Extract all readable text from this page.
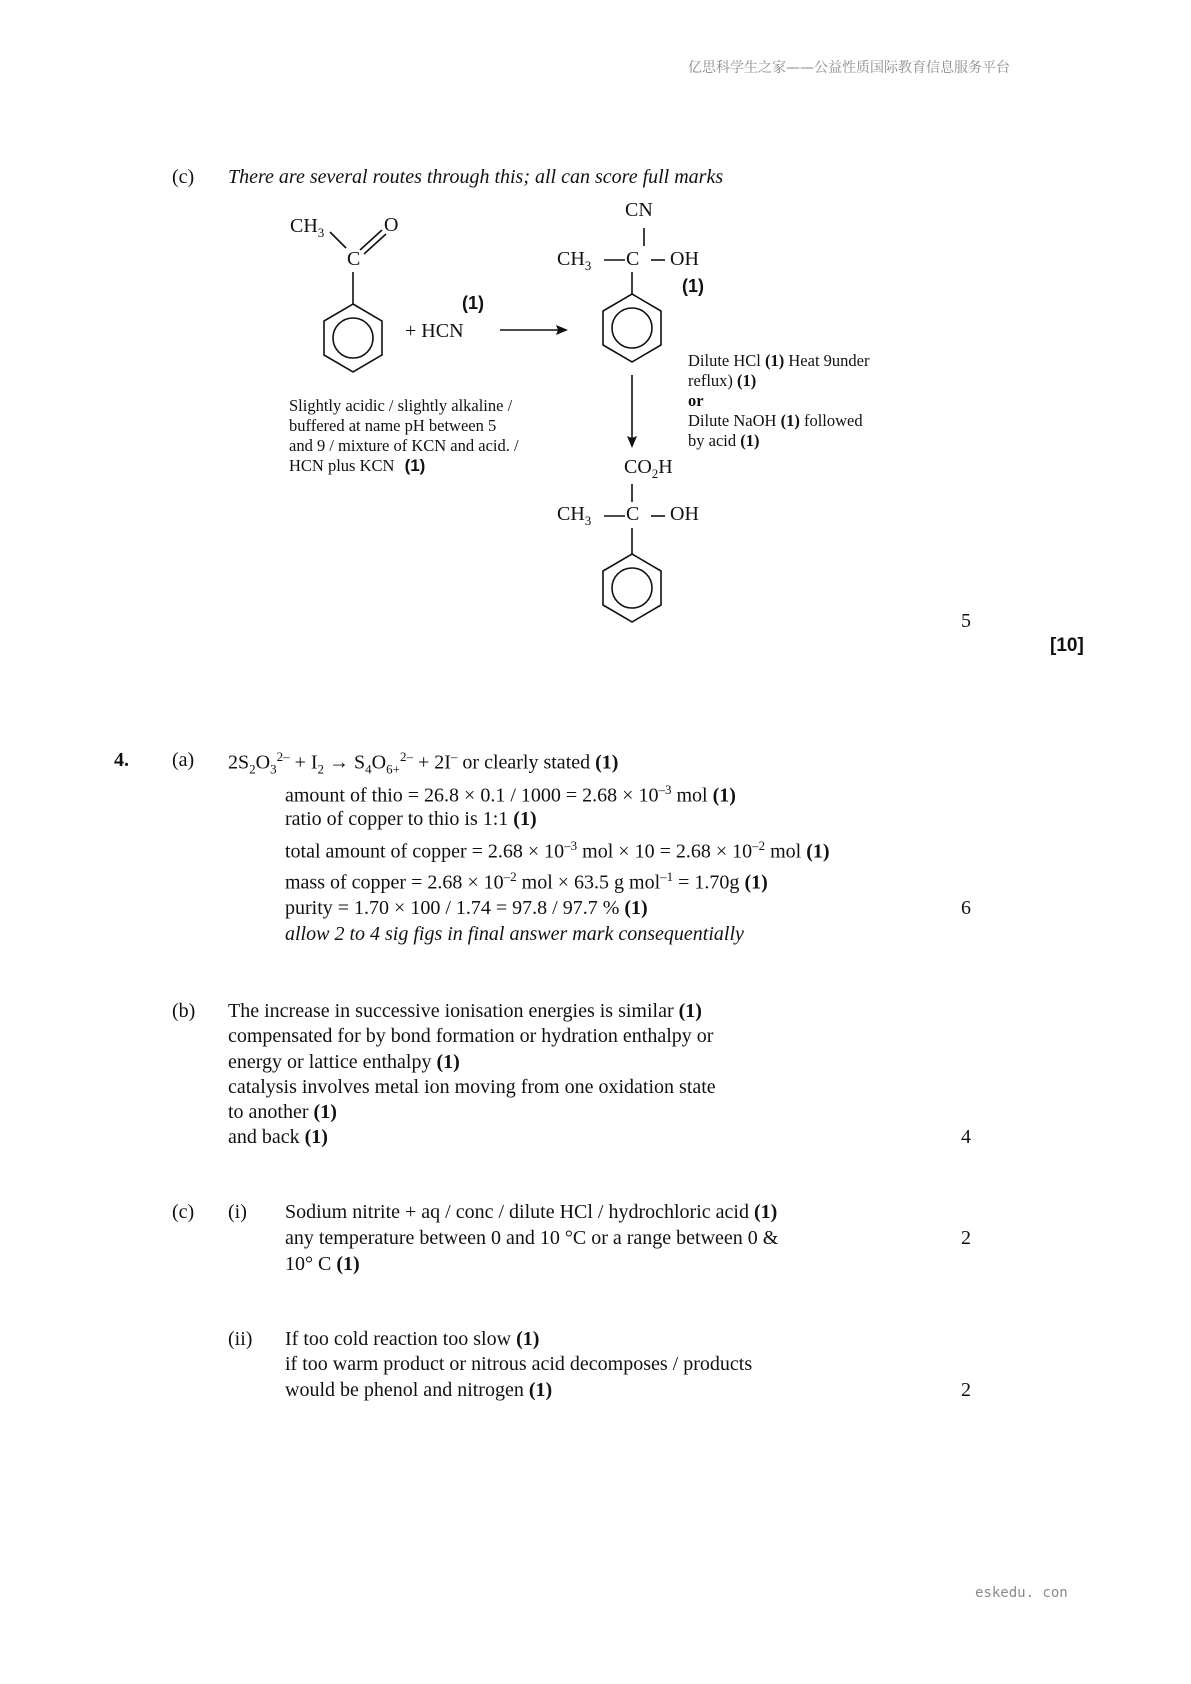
亿思科学生之家——公益性质国际教育信息服务平台
eskedu. con
(c) There are several routes through this; all can score full marks
$CH_3$	O
C
(1)
+ HCN
CN
$CH_3$ C OH
(1)
Slightly acidic / slightly alkaline /
buffered at name pH between 5
and 9 / mixture of KCN and acid. /
HCN plus KCN (1)
Dilute HCl (1) Heat 9under
reflux) (1)
or
Dilute NaOH (1) followed
by acid (1)
$CO_2H$
$CH_3$ C OH
5
[10]
4. (a) $2S_2O_3^{2-} + I_2 \to S_4O_{6+}^{2-} + 2I^-$ or clearly stated (1)
amount of thio = $26.8 \times 0.1 / 1000 = 2.68 \times 10^{-3}$ mol (1)
ratio of copper to thio is 1:1 (1)
total amount of copper = $2.68 \times 10^{-3}$ mol × $10 = 2.68 \times 10^{-2}$ mol (1)
mass of copper = $2.68 \times 10^{-2}$ mol × 63.5 g mol$^{-1}$ = 1.70g (1)
purity = 1.70 × 100 / 1.74 = 97.8 / 97.7 % (1)
allow 2 to 4 sig figs in final answer mark consequentially
6
(b) The increase in successive ionisation energies is similar (1)
compensated for by bond formation or hydration enthalpy or
energy or lattice enthalpy (1)
catalysis involves metal ion moving from one oxidation state
to another (1)
and back (1)	4
(c) (i) Sodium nitrite + aq / conc / dilute HCl / hydrochloric acid (1)
any temperature between 0 and 10 °C or a range between 0 &
10° C (1)
2
(ii) If too cold reaction too slow (1)
if too warm product or nitrous acid decomposes / products
would be phenol and nitrogen (1)	2
